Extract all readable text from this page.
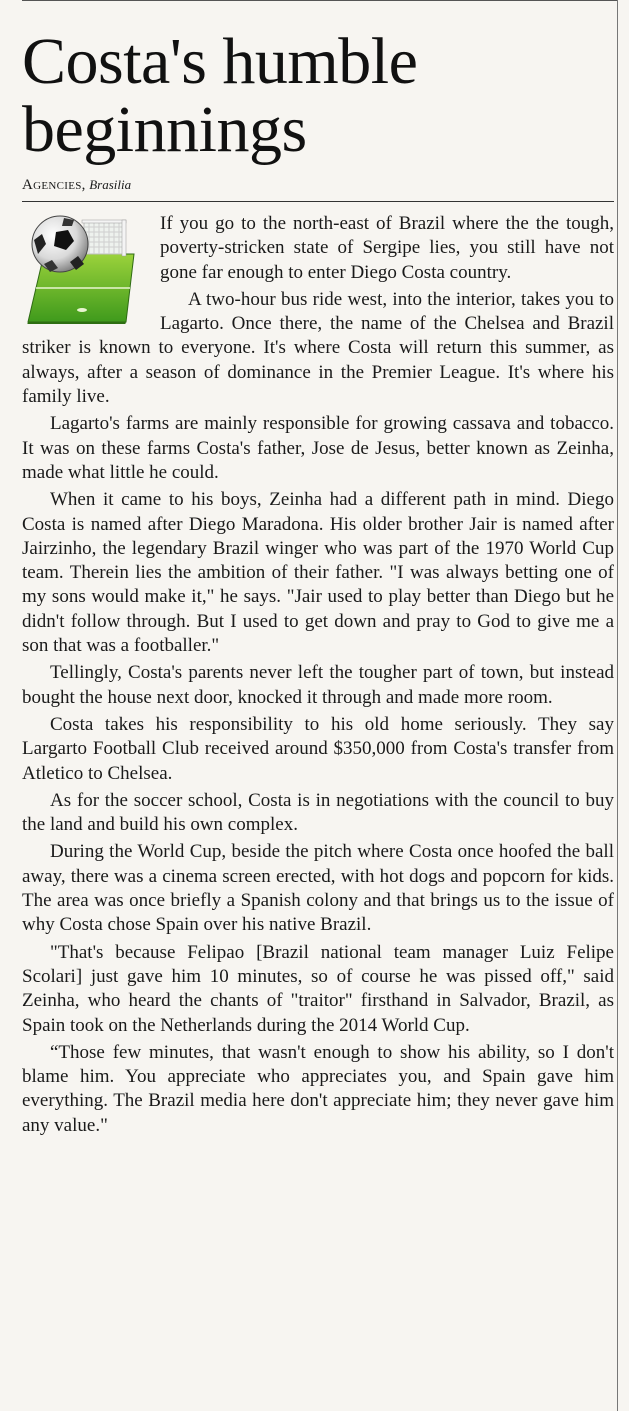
Costa's humble
beginnings
Agencies, Brasilia

If you go to the north-east of Brazil where the the tough, poverty-stricken state of Sergipe lies, you still have not gone far enough to enter Diego Costa country.

A two-hour bus ride west, into the interior, takes you to Lagarto. Once there, the name of the Chelsea and Brazil striker is known to everyone. It's where Costa will return this summer, as always, after a season of dominance in the Premier League. It's where his family live.

Lagarto's farms are mainly responsible for growing cassava and tobacco. It was on these farms Costa's father, Jose de Jesus, better known as Zeinha, made what little he could.

When it came to his boys, Zeinha had a different path in mind. Diego Costa is named after Diego Maradona. His older brother Jair is named after Jairzinho, the legendary Brazil winger who was part of the 1970 World Cup team. Therein lies the ambition of their father. "I was always betting one of my sons would make it," he says. "Jair used to play better than Diego but he didn't follow through. But I used to get down and pray to God to give me a son that was a footballer."

Tellingly, Costa's parents never left the tougher part of town, but instead bought the house next door, knocked it through and made more room.

Costa takes his responsibility to his old home seriously. They say Largarto Football Club received around $350,000 from Costa's transfer from Atletico to Chelsea.

As for the soccer school, Costa is in negotiations with the council to buy the land and build his own complex.

During the World Cup, beside the pitch where Costa once hoofed the ball away, there was a cinema screen erected, with hot dogs and popcorn for kids. The area was once briefly a Spanish colony and that brings us to the issue of why Costa chose Spain over his native Brazil.

"That's because Felipao [Brazil national team manager Luiz Felipe Scolari] just gave him 10 minutes, so of course he was pissed off," said Zeinha, who heard the chants of "traitor" firsthand in Salvador, Brazil, as Spain took on the Netherlands during the 2014 World Cup.

“Those few minutes, that wasn't enough to show his ability, so I don't blame him. You appreciate who appreciates you, and Spain gave him everything. The Brazil media here don't appreciate him; they never gave him any value."
